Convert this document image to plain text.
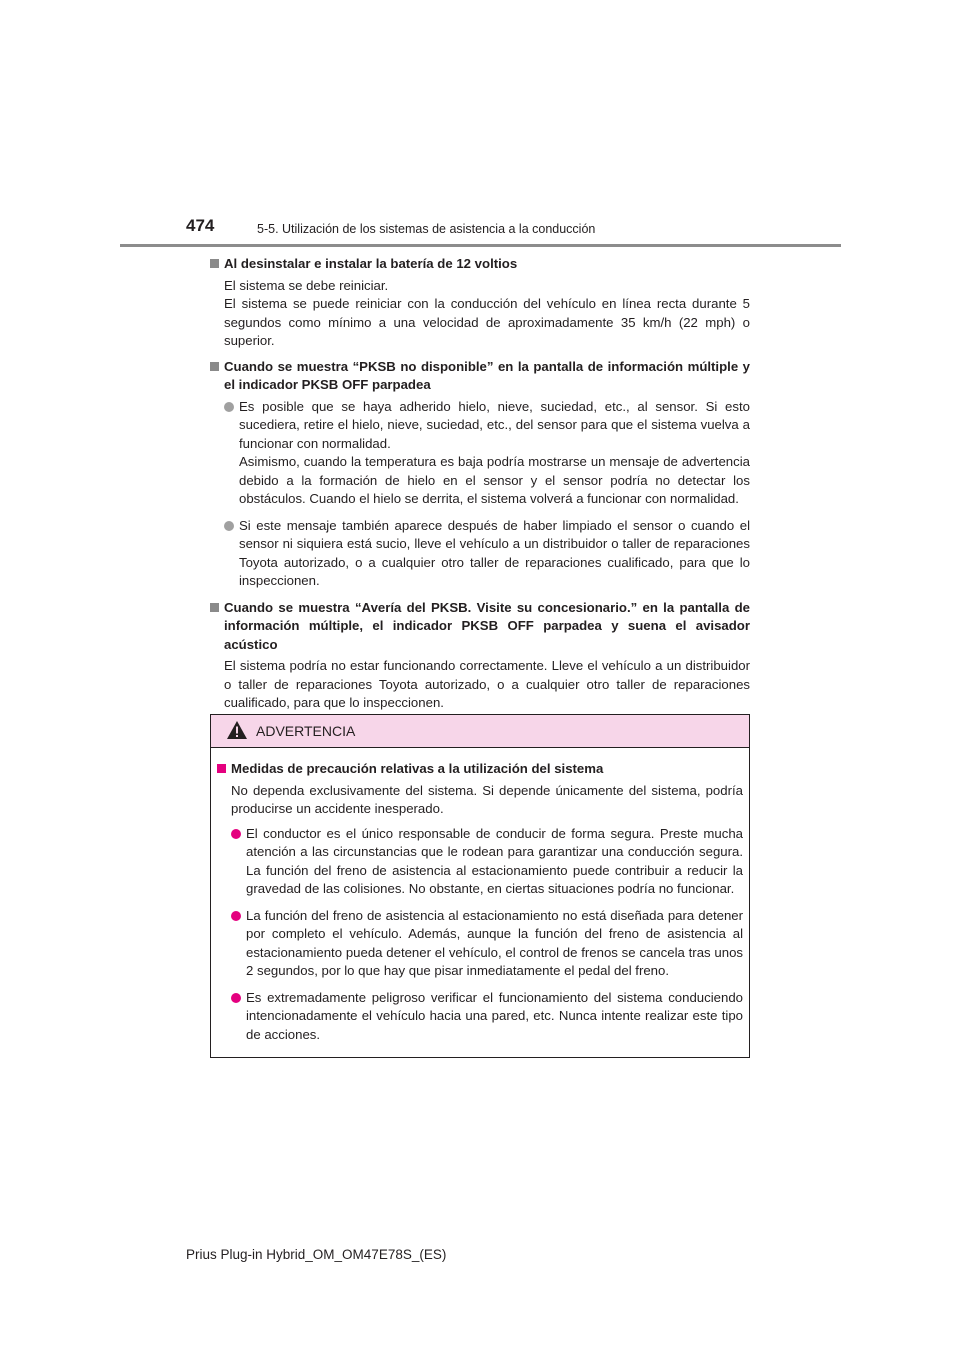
474	5-5. Utilización de los sistemas de asistencia a la conducción
Al desinstalar e instalar la batería de 12 voltios

El sistema se debe reiniciar.

El sistema se puede reiniciar con la conducción del vehículo en línea recta durante 5 segundos como mínimo a una velocidad de aproximadamente 35 km/h (22 mph) o superior.

Cuando se muestra “PKSB no disponible” en la pantalla de información múltiple y el indicador PKSB OFF parpadea
Es posible que se haya adherido hielo, nieve, suciedad, etc., al sensor. Si esto sucediera, retire el hielo, nieve, suciedad, etc., del sensor para que el sistema vuelva a funcionar con normalidad.
Asimismo, cuando la temperatura es baja podría mostrarse un mensaje de advertencia debido a la formación de hielo en el sensor y el sensor podría no detectar los obstáculos. Cuando el hielo se derrita, el sistema volverá a funcionar con normalidad.
Si este mensaje también aparece después de haber limpiado el sensor o cuando el sensor ni siquiera está sucio, lleve el vehículo a un distribuidor o taller de reparaciones Toyota autorizado, o a cualquier otro taller de reparaciones cualificado, para que lo inspeccionen.
Cuando se muestra “Avería del PKSB. Visite su concesionario.” en la pantalla de información múltiple, el indicador PKSB OFF parpadea y suena el avisador acústico

El sistema podría no estar funcionando correctamente. Lleve el vehículo a un distribuidor o taller de reparaciones Toyota autorizado, o a cualquier otro taller de reparaciones cualificado, para que lo inspeccionen.

ADVERTENCIA
Medidas de precaución relativas a la utilización del sistema

No dependa exclusivamente del sistema. Si depende únicamente del sistema, podría producirse un accidente inesperado.

El conductor es el único responsable de conducir de forma segura. Preste mucha atención a las circunstancias que le rodean para garantizar una conducción segura. La función del freno de asistencia al estacionamiento puede contribuir a reducir la gravedad de las colisiones. No obstante, en ciertas situaciones podría no funcionar.
La función del freno de asistencia al estacionamiento no está diseñada para detener por completo el vehículo. Además, aunque la función del freno de asistencia al estacionamiento pueda detener el vehículo, el control de frenos se cancela tras unos 2 segundos, por lo que hay que pisar inmediatamente el pedal del freno.
Es extremadamente peligroso verificar el funcionamiento del sistema conduciendo intencionadamente el vehículo hacia una pared, etc. Nunca intente realizar este tipo de acciones.
Prius Plug-in Hybrid_OM_OM47E78S_(ES)
